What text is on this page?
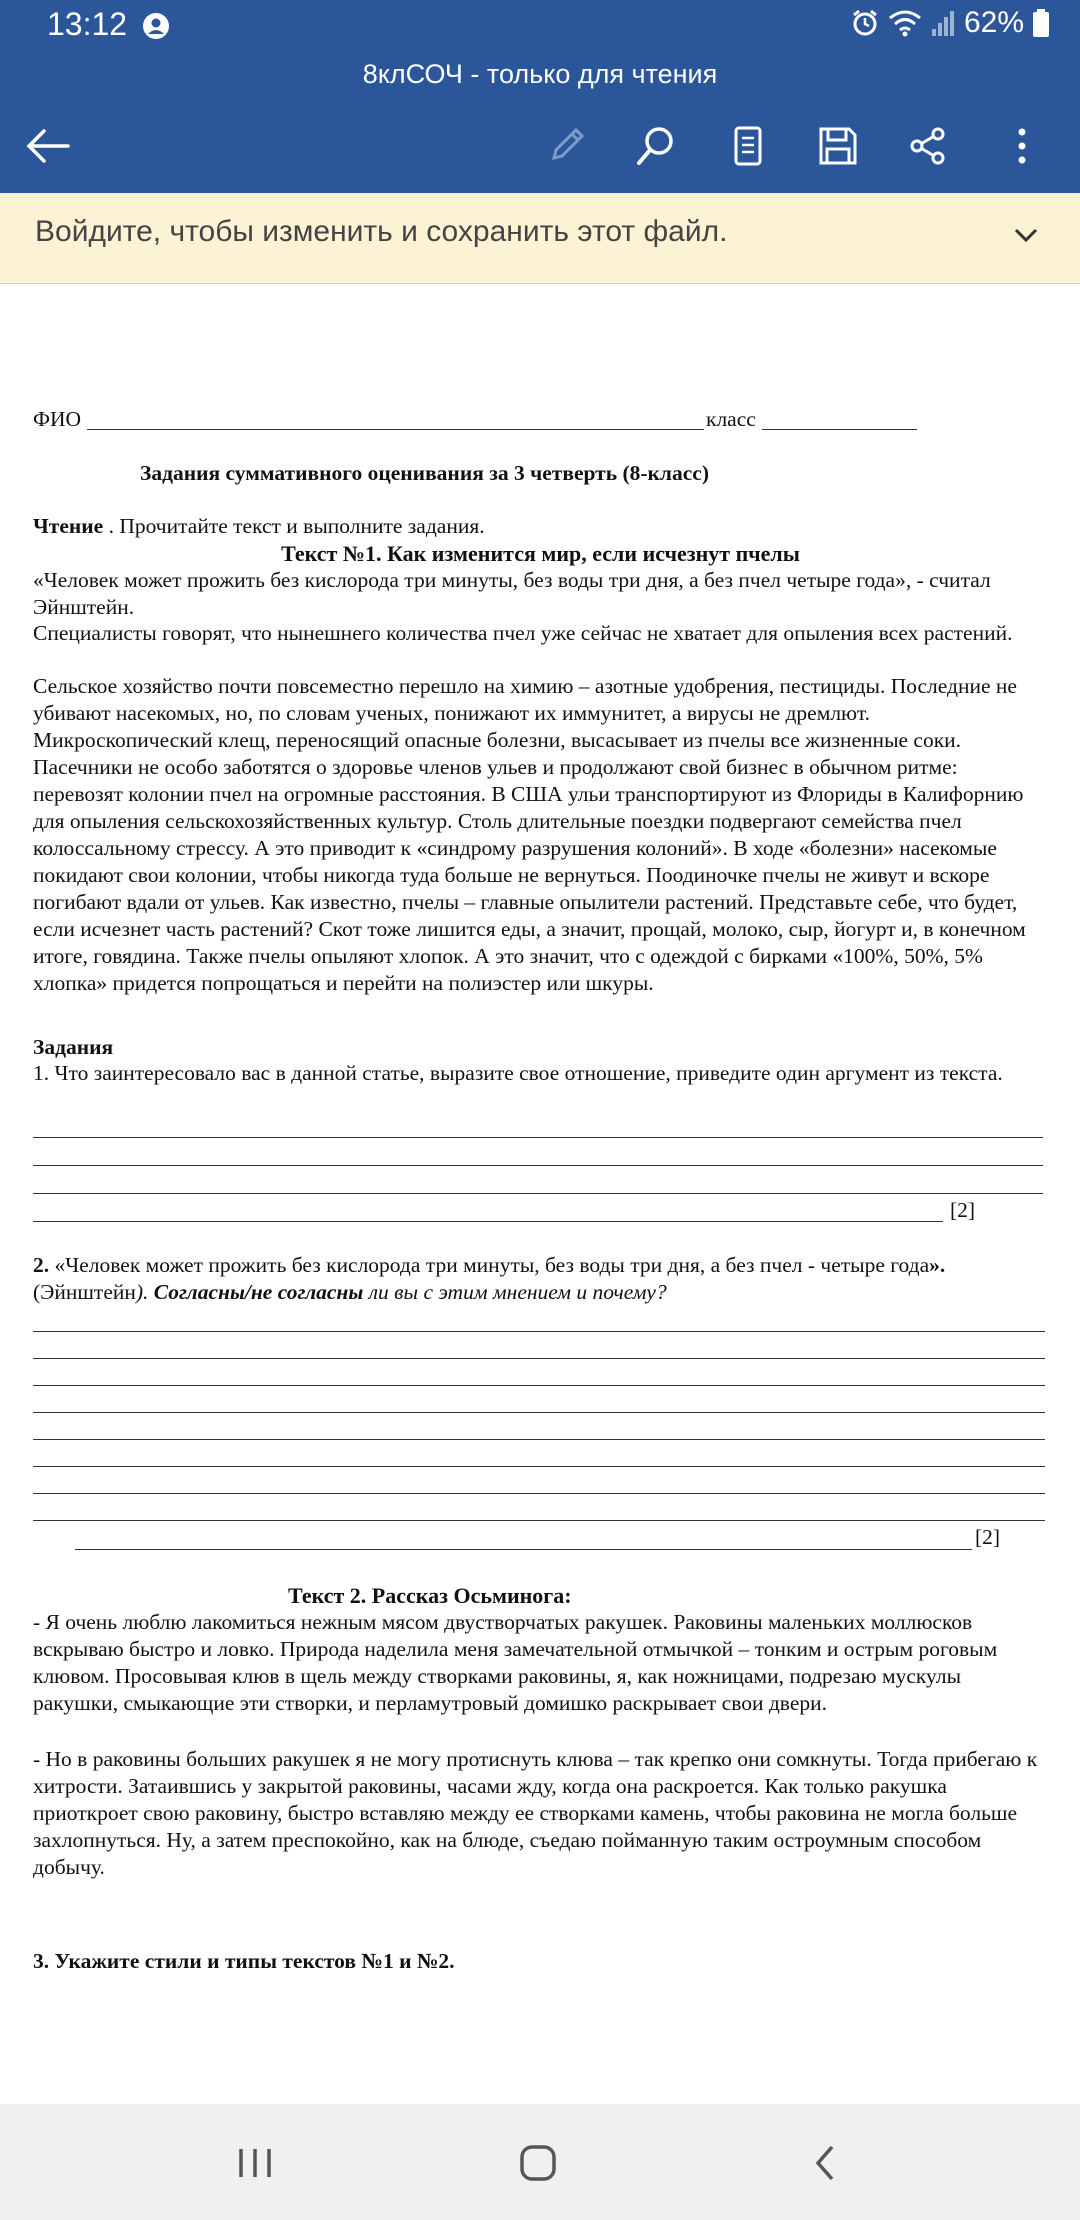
13:12	62%
8клСОЧ - только для чтения
Войдите, чтобы изменить и сохранить этот файл.
ФИО	класс
Задания суммативного оценивания за 3 четверть (8-класс)
Чтение . Прочитайте текст и выполните задания.
Текст №1. Как изменится мир, если исчезнут пчелы
«Человек может прожить без кислорода три минуты, без воды три дня, а без пчел четыре года», - считал Эйнштейн.
Специалисты говорят, что нынешнего количества пчел уже сейчас не хватает для опыления всех растений.
Сельское хозяйство почти повсеместно перешло на химию – азотные удобрения, пестициды. Последние не убивают насекомых, но, по словам ученых, понижают их иммунитет, а вирусы не дремлют. Микроскопический клещ, переносящий опасные болезни, высасывает из пчелы все жизненные соки. Пасечники не особо заботятся о здоровье членов ульев и продолжают свой бизнес в обычном ритме: перевозят колонии пчел на огромные расстояния. В США ульи транспортируют из Флориды в Калифорнию для опыления сельскохозяйственных культур. Столь длительные поездки подвергают семейства пчел колоссальному стрессу. А это приводит к «синдрому разрушения колоний». В ходе «болезни» насекомые покидают свои колонии, чтобы никогда туда больше не вернуться. Поодиночке пчелы не живут и вскоре погибают вдали от ульев. Как известно, пчелы – главные опылители растений. Представьте себе, что будет, если исчезнет часть растений? Скот тоже лишится еды, а значит, прощай, молоко, сыр, йогурт и, в конечном итоге, говядина. Также пчелы опыляют хлопок. А это значит, что с одеждой с бирками «100%, 50%, 5% хлопка» придется попрощаться и перейти на полиэстер или шкуры.
Задания
1. Что заинтересовало вас в данной статье, выразите свое отношение, приведите один аргумент из текста.
[2]
2. «Человек может прожить без кислорода три минуты, без воды три дня, а без пчел - четыре года». (Эйнштейн). Согласны/не согласны ли вы с этим мнением и почему?
[2]
Текст 2. Рассказ Осьминога:
- Я очень люблю лакомиться нежным мясом двустворчатых ракушек. Раковины маленьких моллюсков вскрываю быстро и ловко. Природа наделила меня замечательной отмычкой – тонким и острым роговым клювом. Просовывая клюв в щель между створками раковины, я, как ножницами, подрезаю мускулы ракушки, смыкающие эти створки, и перламутровый домишко раскрывает свои двери.
- Но в раковины больших ракушек я не могу протиснуть клюва – так крепко они сомкнуты. Тогда прибегаю к хитрости. Затаившись у закрытой раковины, часами жду, когда она раскроется. Как только ракушка приоткроет свою раковину, быстро вставляю между ее створками камень, чтобы раковина не могла больше захлопнуться. Ну, а затем преспокойно, как на блюде, съедаю пойманную таким остроумным способом добычу.
3. Укажите стили и типы текстов №1 и №2.
